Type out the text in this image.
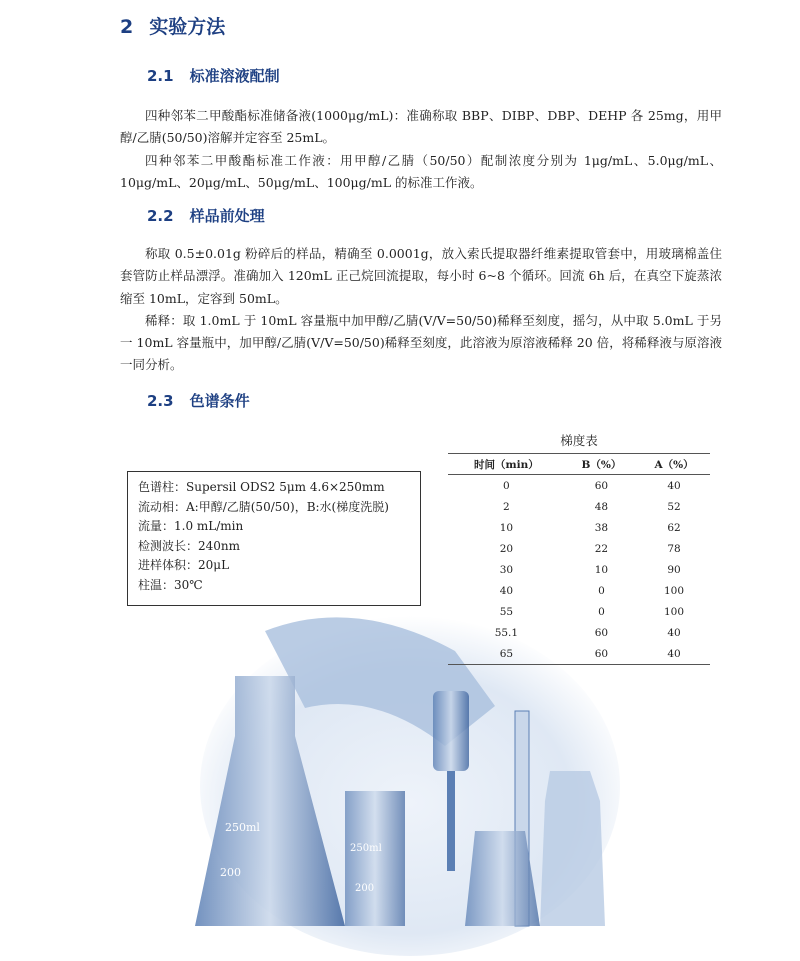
2 实验方法
2.1 标准溶液配制

四种邻苯二甲酸酯标准储备液(1000μg/mL)：准确称取 BBP、DIBP、DBP、DEHP 各 25mg，用甲醇/乙腈(50/50)溶解并定容至 25mL。

四种邻苯二甲酸酯标准工作液：用甲醇/乙腈（50/50）配制浓度分别为 1μg/mL、5.0μg/mL、10μg/mL、20μg/mL、50μg/mL、100μg/mL 的标准工作液。

2.2 样品前处理

称取 0.5±0.01g 粉碎后的样品，精确至 0.0001g，放入索氏提取器纤维素提取管套中，用玻璃棉盖住套管防止样品漂浮。准确加入 120mL 正己烷回流提取，每小时 6~8 个循环。回流 6h 后，在真空下旋蒸浓缩至 10mL，定容到 50mL。

稀释：取 1.0mL 于 10mL 容量瓶中加甲醇/乙腈(V/V=50/50)稀释至刻度，摇匀，从中取 5.0mL 于另一 10mL 容量瓶中，加甲醇/乙腈(V/V=50/50)稀释至刻度，此溶液为原溶液稀释 20 倍，将稀释液与原溶液一同分析。

2.3 色谱条件
色谱柱：Supersil ODS2 5μm 4.6×250mm
流动相：A:甲醇/乙腈(50/50)，B:水(梯度洗脱)
流量：1.0 mL/min
检测波长：240nm
进样体积：20μL
柱温：30℃
梯度表
时间（min）	B（%）	A（%）
0	60	40
2	48	52
10	38	62
20	22	78
30	10	90
40	0	100
55	0	100
55.1	60	40
65	60	40
250ml
200
250ml
200
